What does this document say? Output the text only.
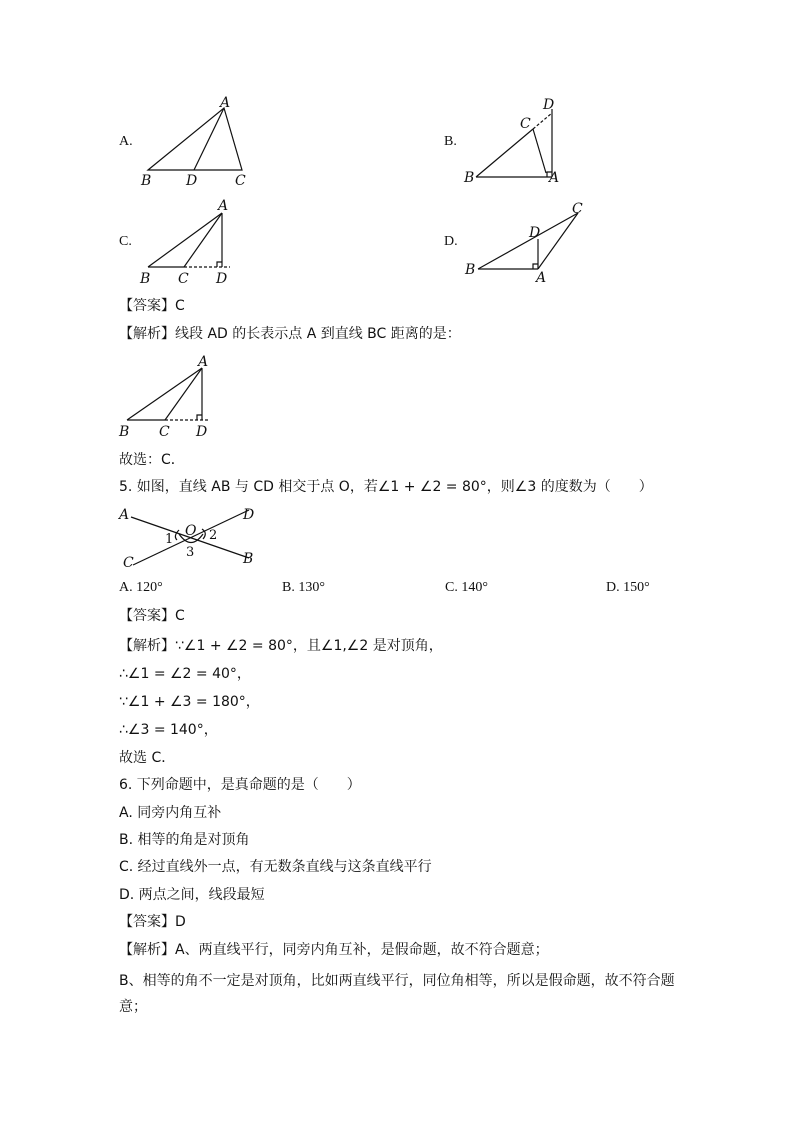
A.
A
B D	C
B.
D
C
B	A
C.
A
B C D
D.
C
D
B	A
【答案】C
【解析】线段 AD 的长表示点 A 到直线 BC 距离的是：
A
B C D
故选：C．
5. 如图，直线 AB 与 CD 相交于点 O，若∠1 + ∠2 = 80°，则∠3 的度数为（　　）
A	D
O
1	2
3
C	B
A. 120°	B. 130°	C. 140°	D. 150°
【答案】C
【解析】∵∠1 + ∠2 = 80°，且∠1,∠2 是对顶角，
∴∠1 = ∠2 = 40°，
∵∠1 + ∠3 = 180°，
∴∠3 = 140°，
故选 C．
6. 下列命题中，是真命题的是（　　）
A. 同旁内角互补
B. 相等的角是对顶角
C. 经过直线外一点，有无数条直线与这条直线平行
D. 两点之间，线段最短
【答案】D
【解析】A、两直线平行，同旁内角互补，是假命题，故不符合题意；
B、相等的角不一定是对顶角，比如两直线平行，同位角相等，所以是假命题，故不符合题意；
